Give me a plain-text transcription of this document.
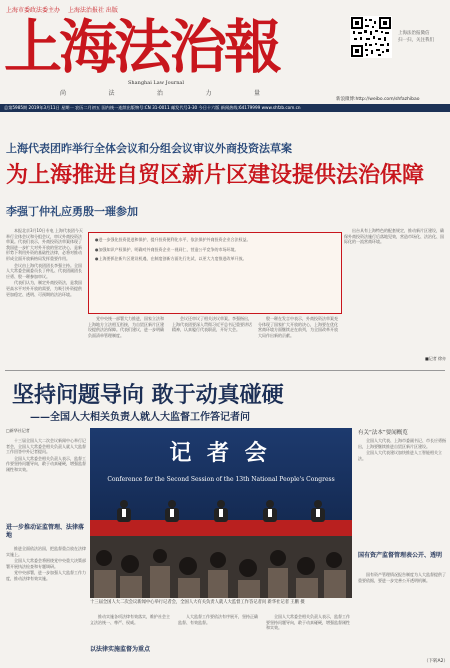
上海市委政法委主办 上海法治报社 出版
上海法治報
Shanghai Law Journal
尚	法	治	力	量
上海法治报微信
扫一扫，关注我们
新浪微博:http://weibo.com/shfazhibao
总第5985期 2019年3月11日 星期一 农历二月初五 国内统一连续出版物号:CN 31-0011 邮发代号3-30 今日十六版 新闻热线:64179999 www.shfzb.com.cn
上海代表团昨举行全体会议和分组会议审议外商投资法草案
为上海推进自贸区新片区建设提供法治保障
李强丁仲礼应勇殷一璀参加

本报北京3月10日专电 上海代表团今天举行全体会议和分组会议，审议外商投资法草案。代表们表示，外商投资法草案体现了我国进一步扩大对外开放的坚定决心，是新形势下利用外资的基础性法律，必将对推动形成全面开放新格局发挥重要作用。

会议由上海代表团团长李强主持。全国人大常委会副委员长丁仲礼、代表团副团长应勇、殷一璀参加审议。

代表们认为，制定外商投资法，是我国更高水平对外开放的需要，为吸引外资提供更加稳定、透明、可预期的法治环境。

●进一步强化投资促进和保护，提升投资便利化水平，依法保护外商投资企业合法权益。
●加强知识产权保护，明确对外商投资企业一视同仁，营造公平竞争的市场环境。
●上海要抓住新片区建设机遇，在制度创新方面先行先试，以更大力度推进改革开放。

党中央统一部署大力推进，国家立法和上海地方立法相互衔接，为自贸区新片区建设提供法治保障。代表们建议，进一步明确负面清单管理制度。

会议还审议了相关决议草案。李强指出，上海代表团要深入贯彻习近平总书记重要讲话精神，认真履行代表职责，开好大会。

殷一璀在发言中表示，外商投资法草案充分体现了国家扩大开放的决心，上海要在优化营商环境方面继续走在前列，为全国改革开放大局作出新的贡献。

出台具有上海特色的配套规定，推动新片区建设，确保外商投资法施行后落地见效，营造市场化、法治化、国际化的一流营商环境。

■记者 徐亦
坚持问题导向 敢于动真碰硬
——全国人大相关负责人就人大监督工作答记者问
□新华社记者

十三届全国人大二次会议新闻中心举行记者会，全国人大常委会相关负责人就人大监督工作回答中外记者提问。

全国人大常委会相关负责人表示，监督工作要坚持问题导向，敢于动真碰硬，增强监督刚性和实效。

进一步推动证监管理、法律落地

推进全面依法治国，把监督重点放在法律实施上。

全国人大常委会将围绕党中央重大决策部署开展执法检查和专题调研。

党中央部署，进一步加强人大监督工作力度，推动法律有效实施。

记 者 会
Conference for the Second Session of the 13th National People's Congress
十三届全国人大二次会议新闻中心举行记者会，全国人大有关负责人就人大监督工作答记者问 新华社记者 王鹏 摄

推动实施各项法律有效落实，维护社会主义法治统一、尊严、权威。

以法律实施监督为重点

人大监督工作要依法有序展开，坚持正确监督、有效监督。

全国人大常委会相关负责人表示，监督工作要坚持问题导向，敢于动真碰硬，增强监督刚性和实效。

有关“法本”要闻概览

全国人大代表、上海市委副书记、市长应勇指出，上海要继续推进自贸区新片区建设。

全国人大代表建议加快推进人工智能相关立法。

国有资产监督管理表公开、透明

国有资产管理情况报告制度为人大监督提供了重要依据，要进一步完善公开透明机制。

（下转A2）
